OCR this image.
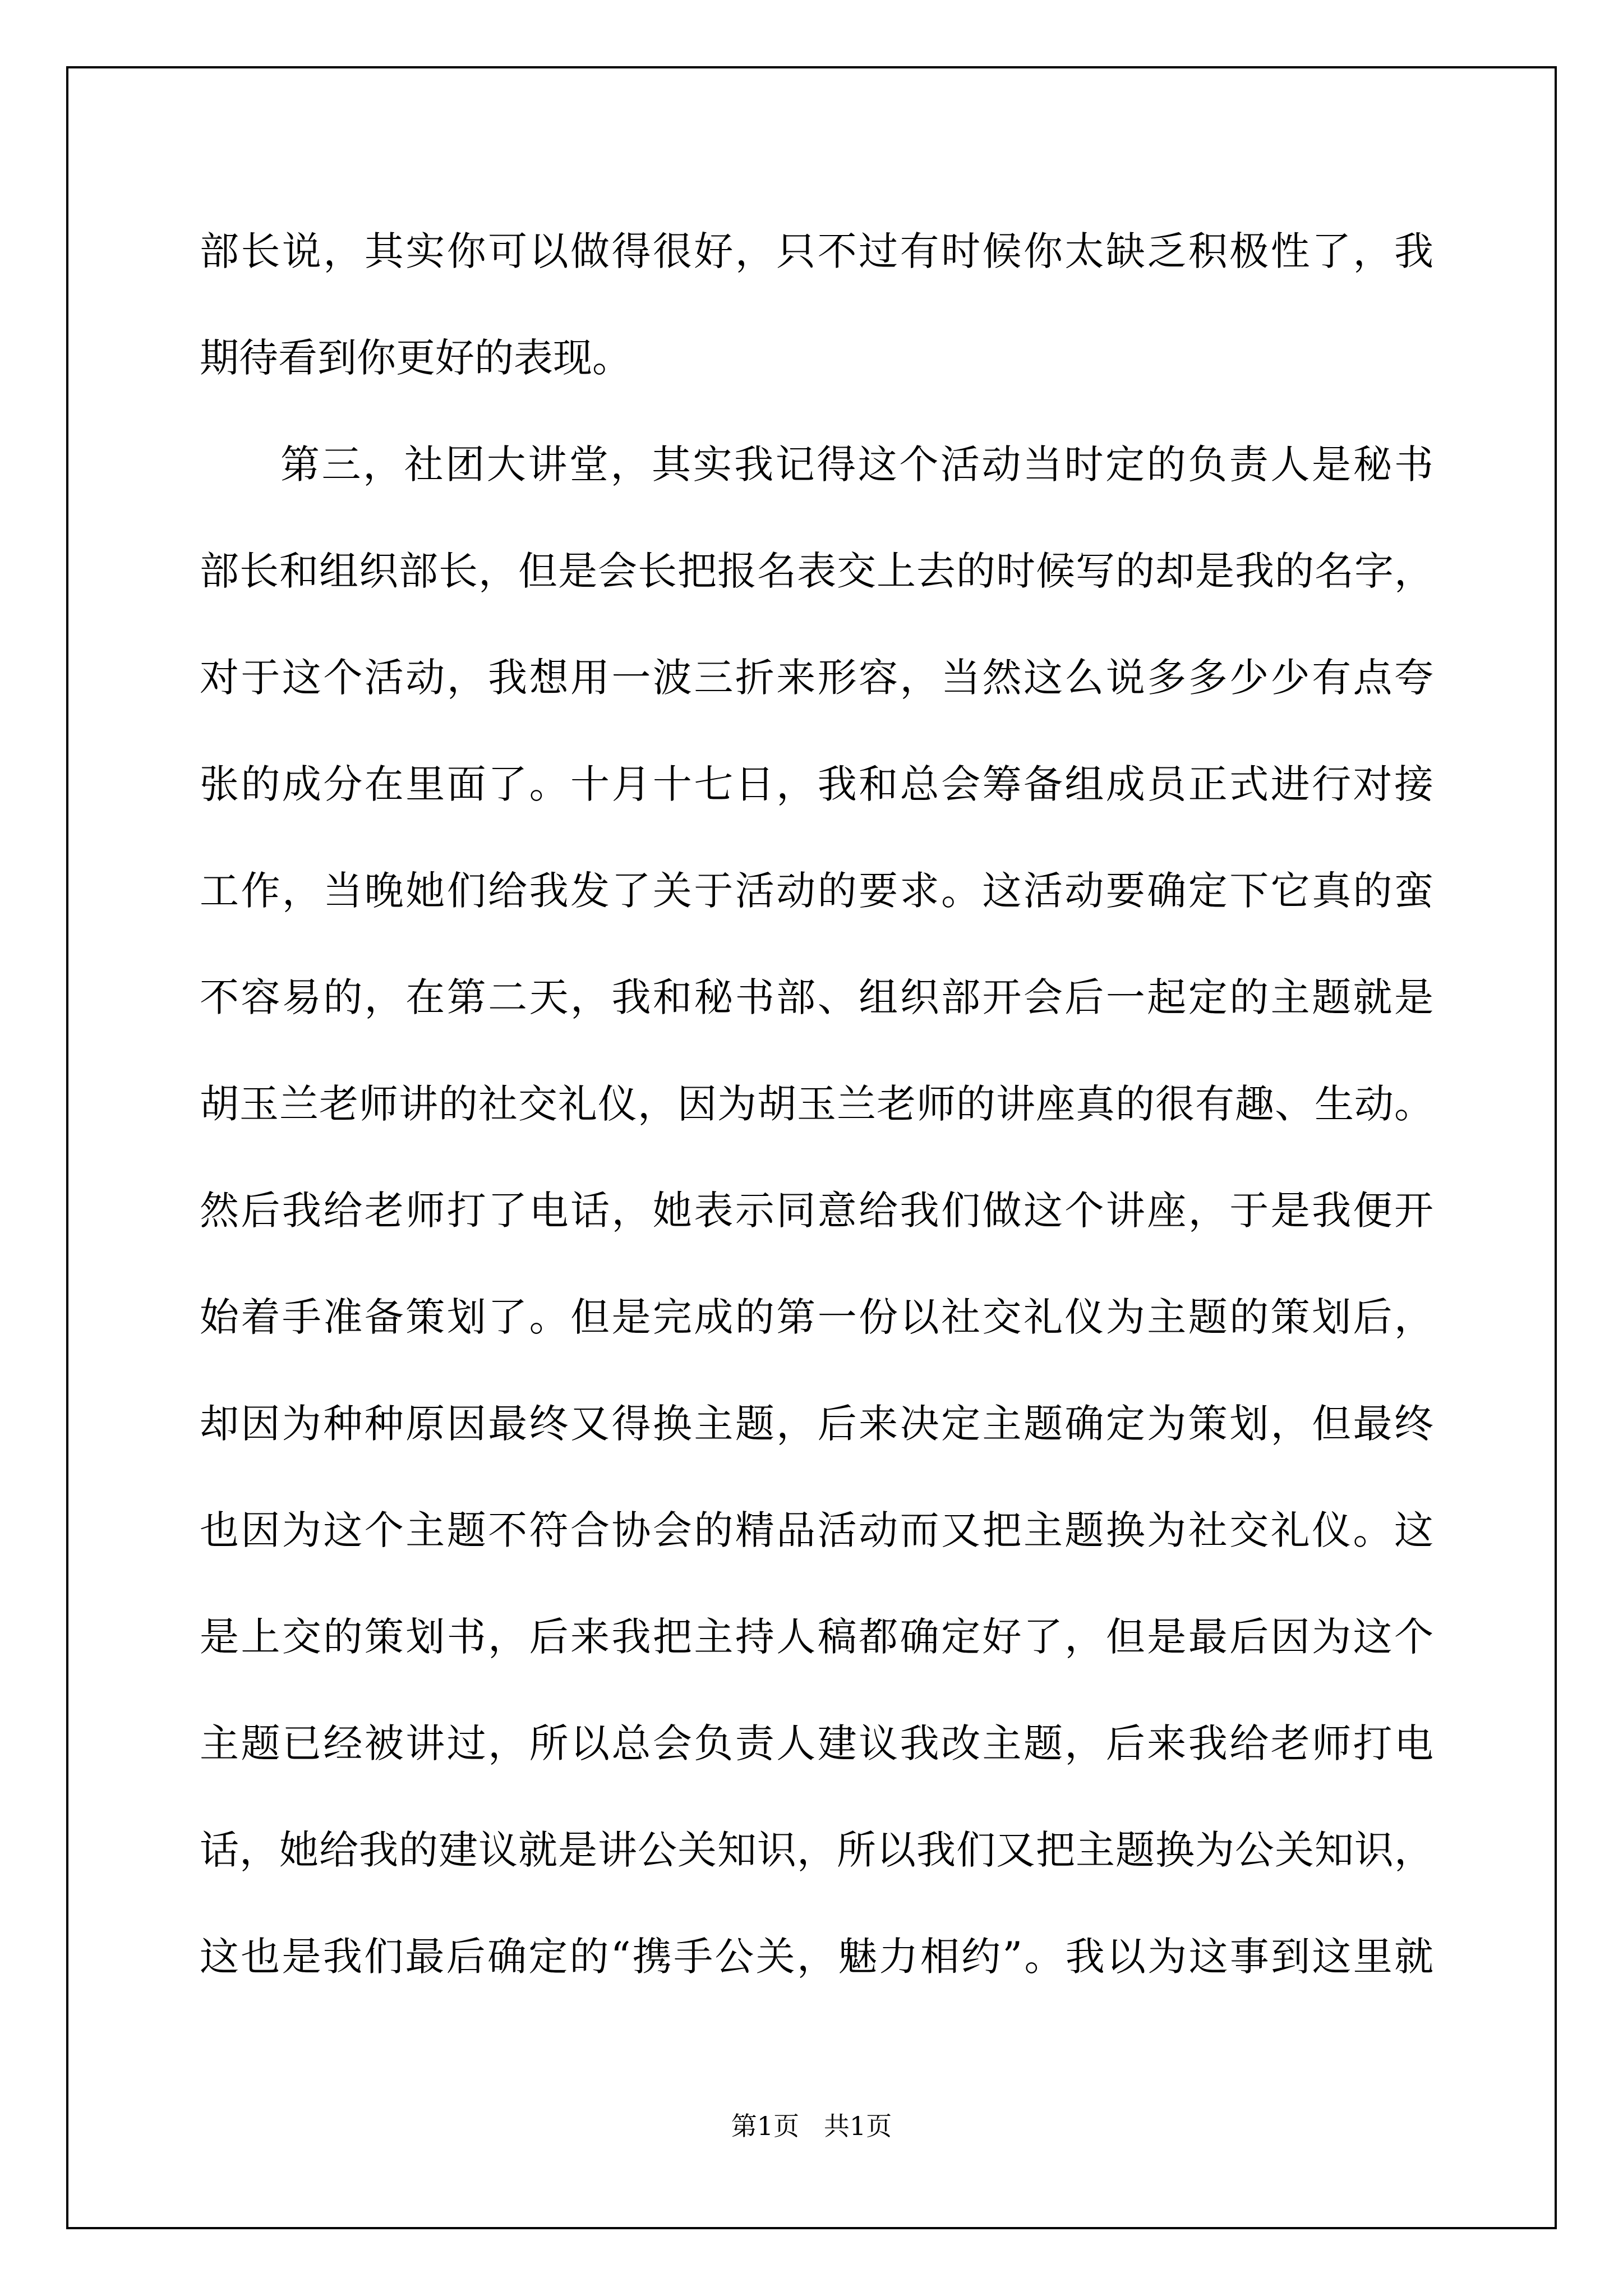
部长说，其实你可以做得很好，只不过有时候你太缺乏积极性了，我
期待看到你更好的表现。
第三，社团大讲堂，其实我记得这个活动当时定的负责人是秘书
部长和组织部长，但是会长把报名表交上去的时候写的却是我的名字，
对于这个活动，我想用一波三折来形容，当然这么说多多少少有点夸
张的成分在里面了。十月十七日，我和总会筹备组成员正式进行对接
工作，当晚她们给我发了关于活动的要求。这活动要确定下它真的蛮
不容易的，在第二天，我和秘书部、组织部开会后一起定的主题就是
胡玉兰老师讲的社交礼仪，因为胡玉兰老师的讲座真的很有趣、生动。
然后我给老师打了电话，她表示同意给我们做这个讲座，于是我便开
始着手准备策划了。但是完成的第一份以社交礼仪为主题的策划后，
却因为种种原因最终又得换主题，后来决定主题确定为策划，但最终
也因为这个主题不符合协会的精品活动而又把主题换为社交礼仪。这
是上交的策划书，后来我把主持人稿都确定好了，但是最后因为这个
主题已经被讲过，所以总会负责人建议我改主题，后来我给老师打电
话，她给我的建议就是讲公关知识，所以我们又把主题换为公关知识，
这也是我们最后确定的“携手公关，魅力相约”。我以为这事到这里就
第1页   共1页
